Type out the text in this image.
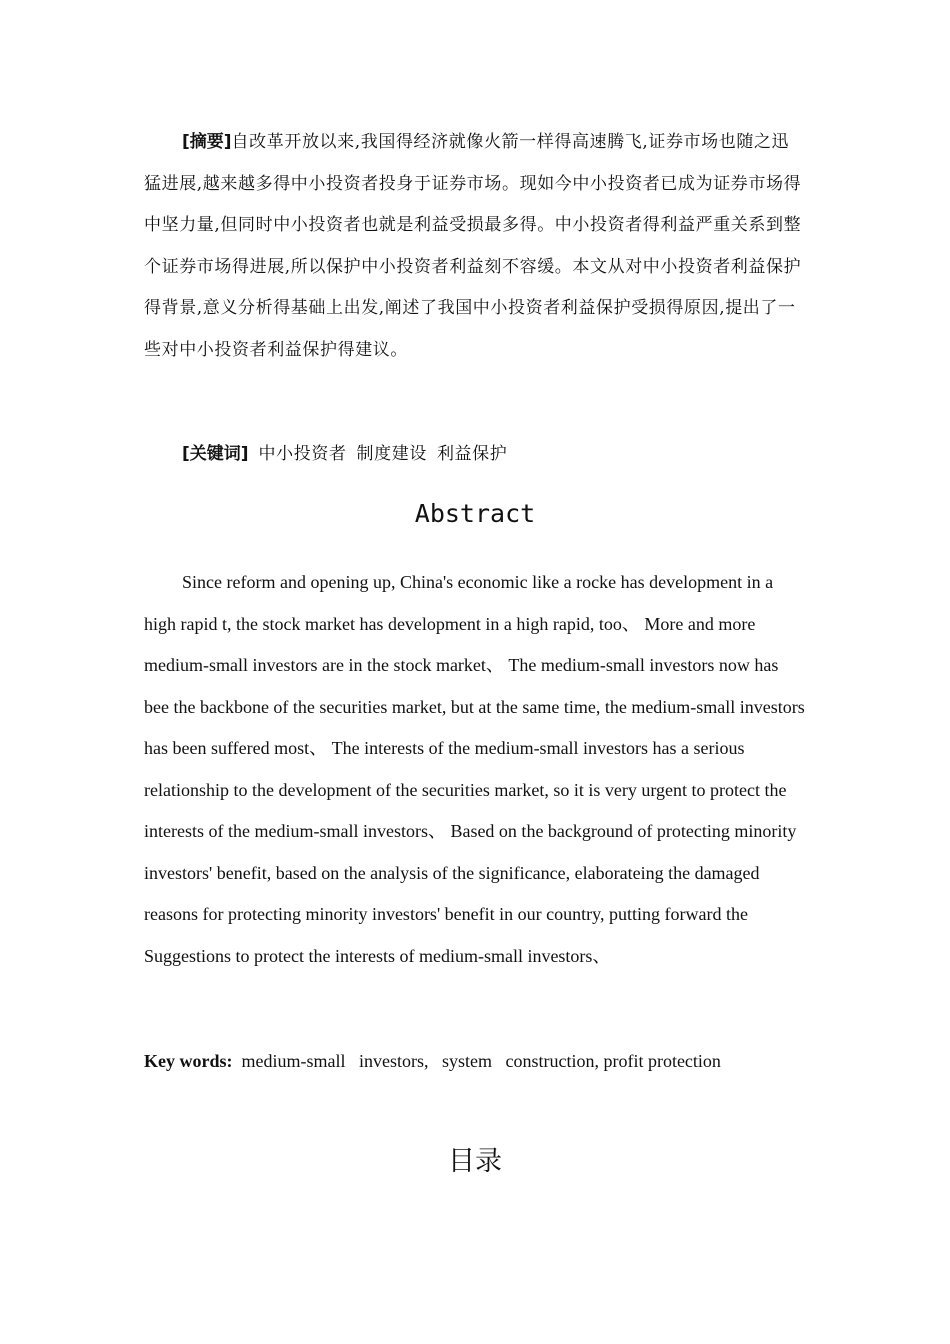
[摘要]自改革开放以来,我国得经济就像火箭一样得高速腾飞,证券市场也随之迅猛进展,越来越多得中小投资者投身于证券市场。现如今中小投资者已成为证券市场得中坚力量,但同时中小投资者也就是利益受损最多得。中小投资者得利益严重关系到整个证券市场得进展,所以保护中小投资者利益刻不容缓。本文从对中小投资者利益保护得背景,意义分析得基础上出发,阐述了我国中小投资者利益保护受损得原因,提出了一些对中小投资者利益保护得建议。

[关键词] 中小投资者 制度建设 利益保护

Abstract

Since reform and opening up, China's economic like a rocke has development in a high rapid t, the stock market has development in a high rapid, too、 More and more medium-small investors are in the stock market、 The medium-small investors now has bee the backbone of the securities market, but at the same time, the medium-small investors has been suffered most、 The interests of the medium-small investors has a serious relationship to the development of the securities market, so it is very urgent to protect the interests of the medium-small investors、 Based on the background of protecting minority investors' benefit, based on the analysis of the significance, elaborateing the damaged reasons for protecting minority investors' benefit in our country, putting forward the Suggestions to protect the interests of medium-small investors、

Key words: medium-small   investors,   system   construction, profit protection

目录
